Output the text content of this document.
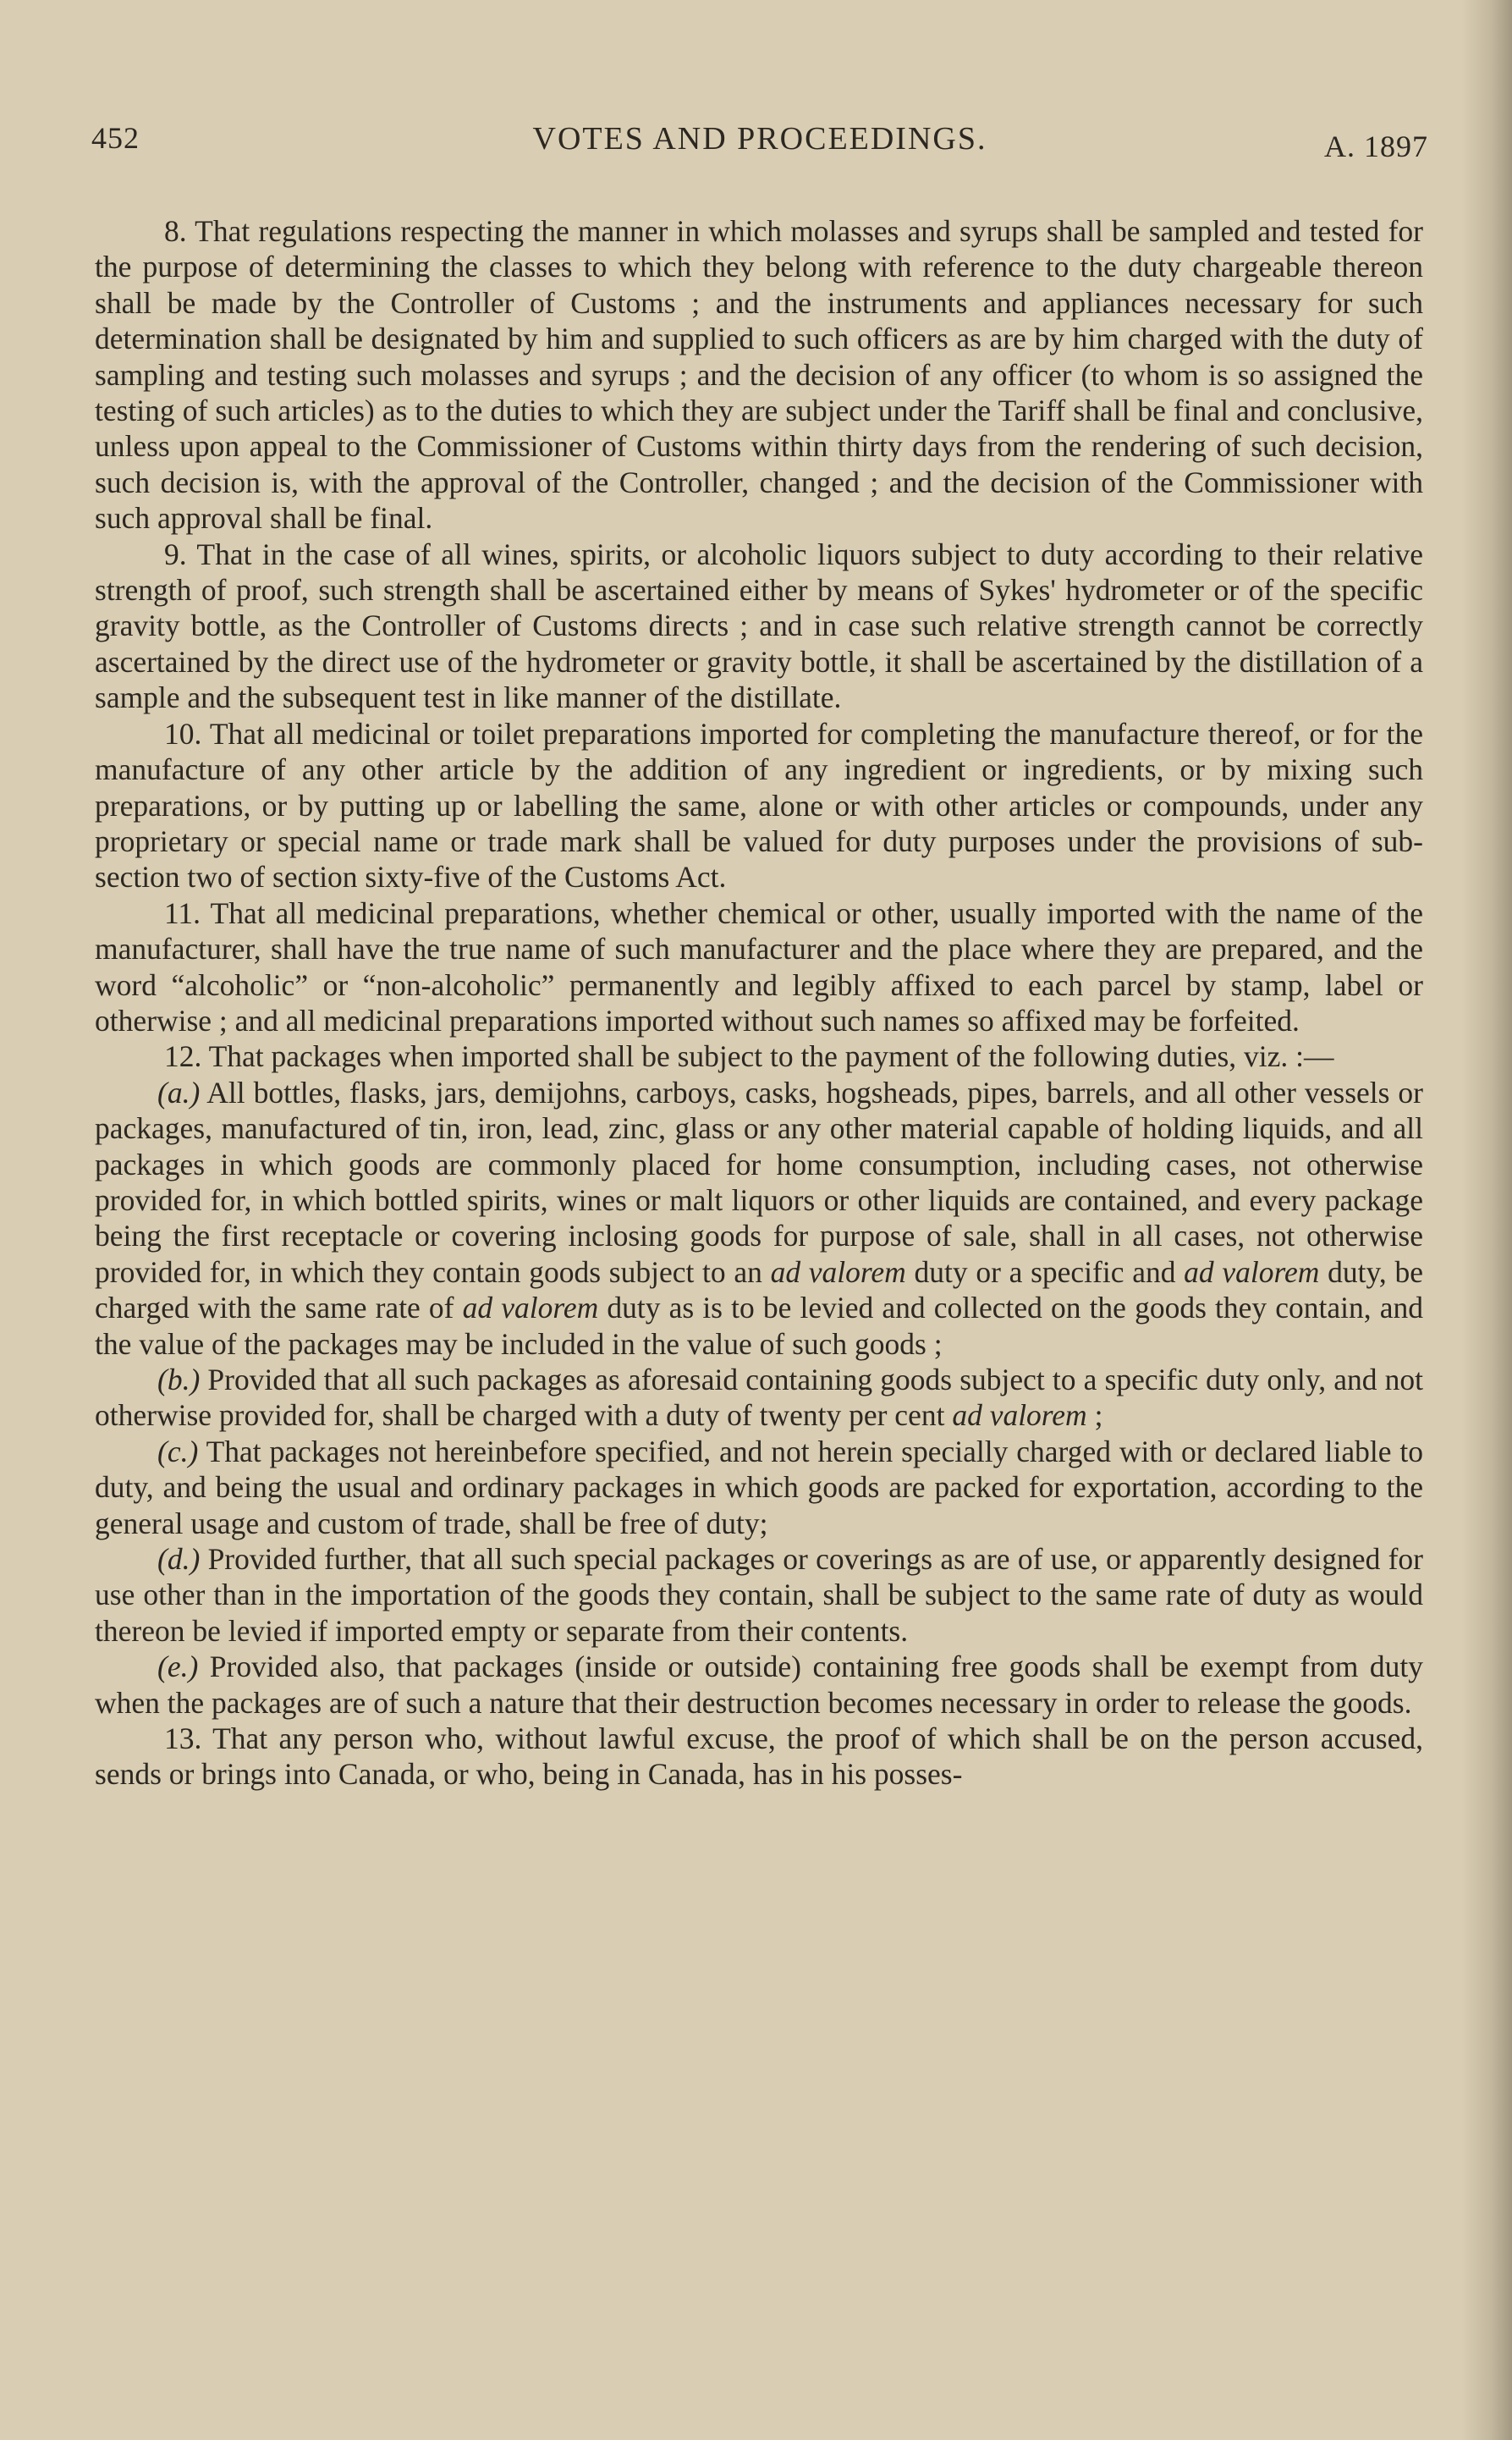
452	VOTES AND PROCEEDINGS.	A. 1897

8. That regulations respecting the manner in which molasses and syrups shall be sampled and tested for the purpose of determining the classes to which they belong with reference to the duty chargeable thereon shall be made by the Controller of Customs ; and the instruments and appliances necessary for such determination shall be designated by him and supplied to such officers as are by him charged with the duty of sampling and testing such molasses and syrups ; and the decision of any officer (to whom is so assigned the testing of such articles) as to the duties to which they are subject under the Tariff shall be final and conclusive, unless upon appeal to the Commissioner of Customs within thirty days from the rendering of such decision, such decision is, with the approval of the Controller, changed ; and the decision of the Commissioner with such approval shall be final.

9. That in the case of all wines, spirits, or alcoholic liquors subject to duty according to their relative strength of proof, such strength shall be ascertained either by means of Sykes' hydrometer or of the specific gravity bottle, as the Controller of Customs directs ; and in case such relative strength cannot be correctly ascertained by the direct use of the hydrometer or gravity bottle, it shall be ascertained by the distillation of a sample and the subsequent test in like manner of the distillate.

10. That all medicinal or toilet preparations imported for completing the manufacture thereof, or for the manufacture of any other article by the addition of any ingredient or ingredients, or by mixing such preparations, or by putting up or labelling the same, alone or with other articles or compounds, under any proprietary or special name or trade mark shall be valued for duty purposes under the provisions of sub-section two of section sixty-five of the Customs Act.

11. That all medicinal preparations, whether chemical or other, usually imported with the name of the manufacturer, shall have the true name of such manufacturer and the place where they are prepared, and the word “alcoholic” or “non-alcoholic” permanently and legibly affixed to each parcel by stamp, label or otherwise ; and all medicinal preparations imported without such names so affixed may be forfeited.

12. That packages when imported shall be subject to the payment of the following duties, viz. :—

(a.) All bottles, flasks, jars, demijohns, carboys, casks, hogsheads, pipes, barrels, and all other vessels or packages, manufactured of tin, iron, lead, zinc, glass or any other material capable of holding liquids, and all packages in which goods are commonly placed for home consumption, including cases, not otherwise provided for, in which bottled spirits, wines or malt liquors or other liquids are contained, and every package being the first receptacle or covering inclosing goods for purpose of sale, shall in all cases, not otherwise provided for, in which they contain goods subject to an ad valorem duty or a specific and ad valorem duty, be charged with the same rate of ad valorem duty as is to be levied and collected on the goods they contain, and the value of the packages may be included in the value of such goods ;

(b.) Provided that all such packages as aforesaid containing goods subject to a specific duty only, and not otherwise provided for, shall be charged with a duty of twenty per cent ad valorem ;

(c.) That packages not hereinbefore specified, and not herein specially charged with or declared liable to duty, and being the usual and ordinary packages in which goods are packed for exportation, according to the general usage and custom of trade, shall be free of duty;

(d.) Provided further, that all such special packages or coverings as are of use, or apparently designed for use other than in the importation of the goods they contain, shall be subject to the same rate of duty as would thereon be levied if imported empty or separate from their contents.

(e.) Provided also, that packages (inside or outside) containing free goods shall be exempt from duty when the packages are of such a nature that their destruction becomes necessary in order to release the goods.

13. That any person who, without lawful excuse, the proof of which shall be on the person accused, sends or brings into Canada, or who, being in Canada, has in his posses-
